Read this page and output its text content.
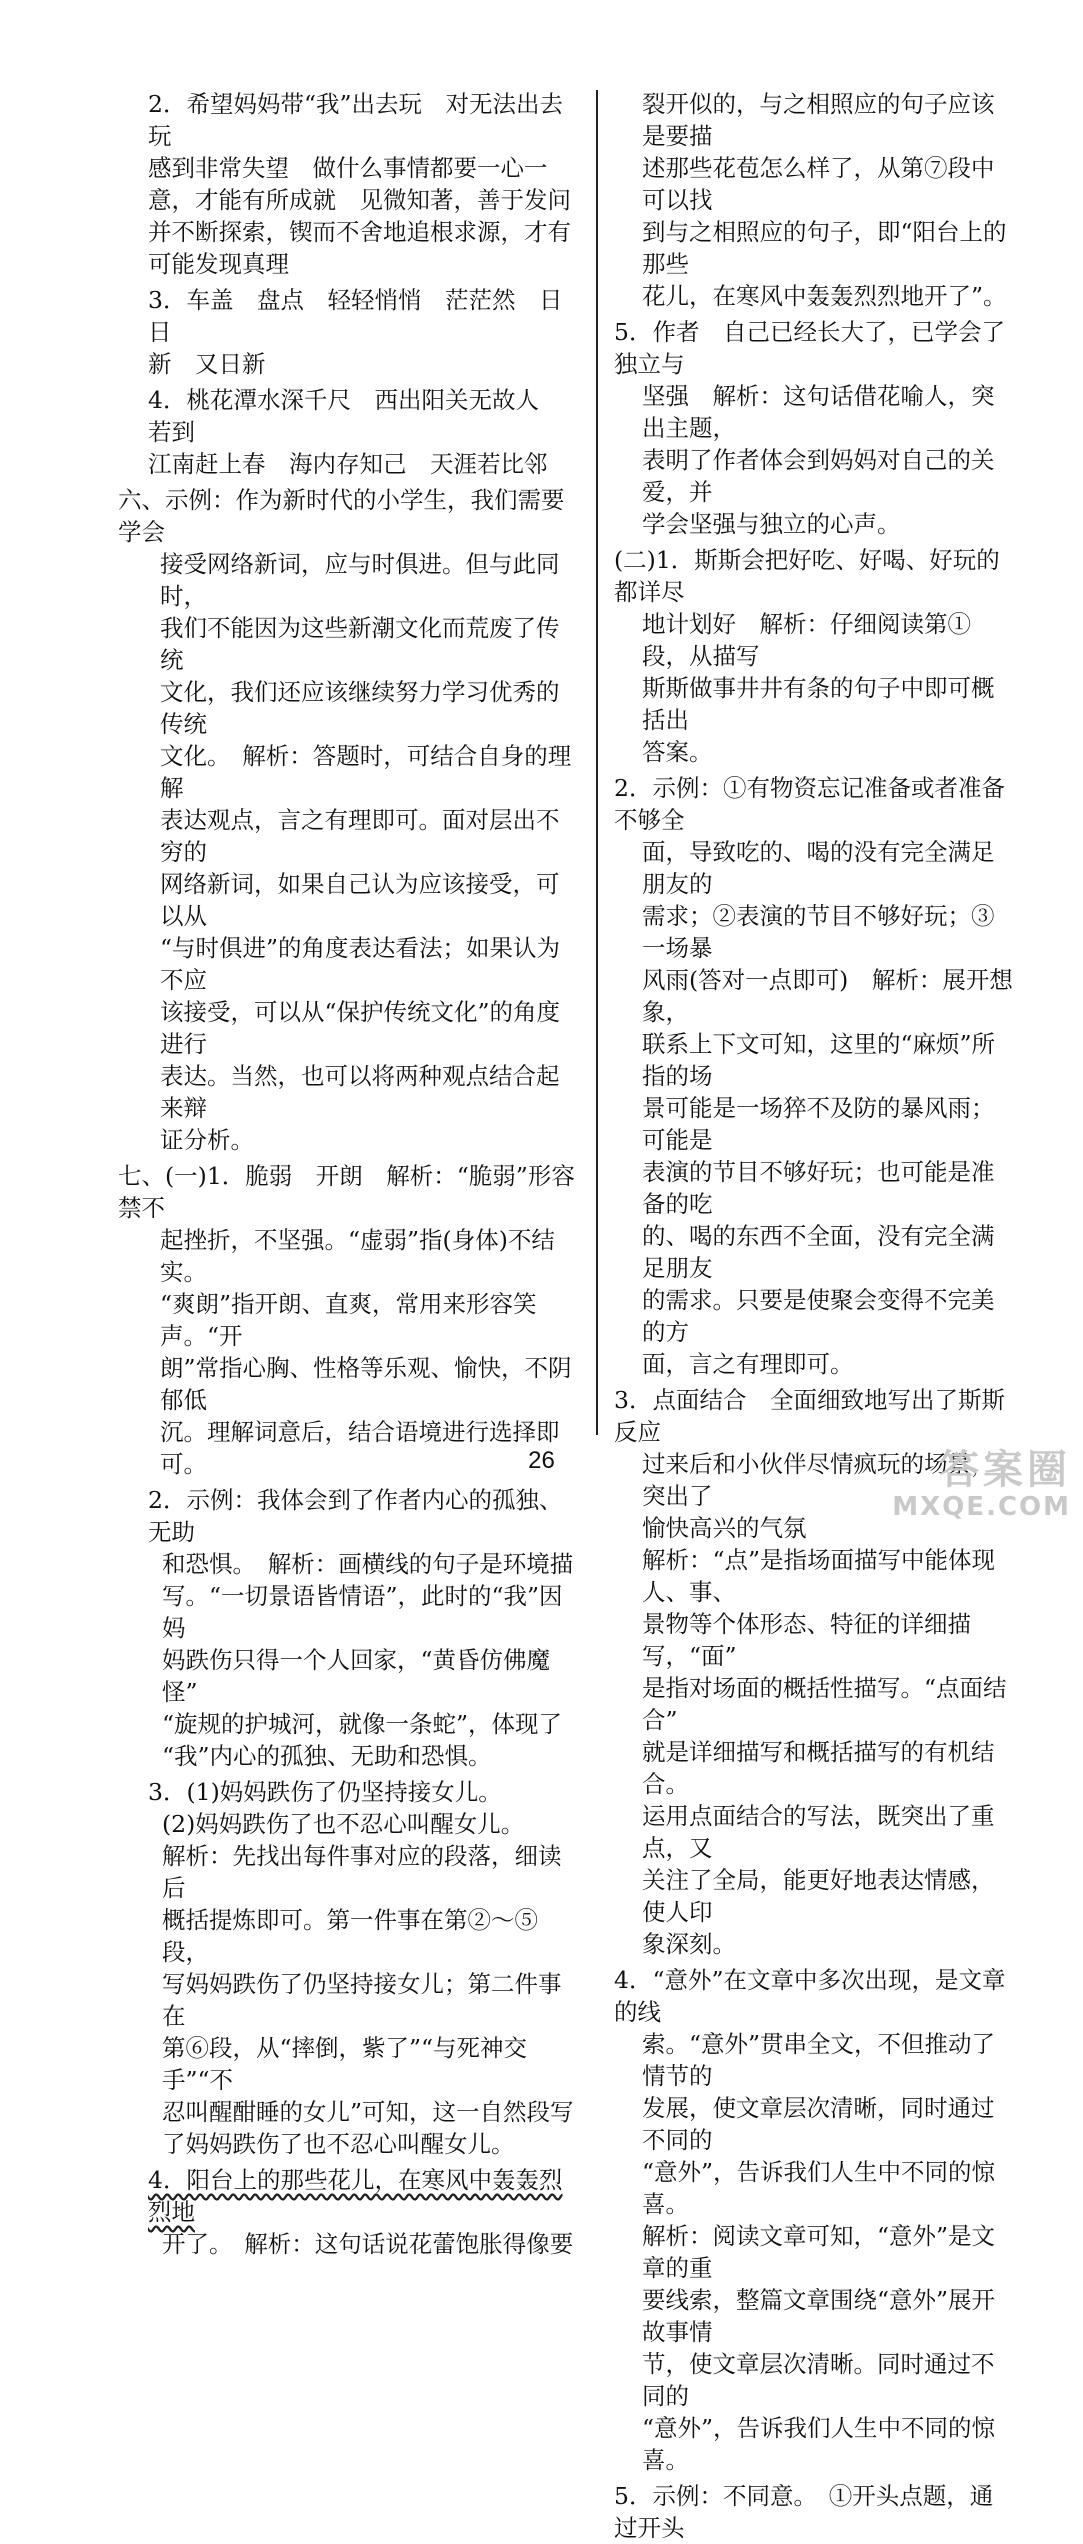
2．希望妈妈带“我”出去玩　对无法出去玩
感到非常失望　做什么事情都要一心一
意，才能有所成就　见微知著，善于发问
并不断探索，锲而不舍地追根求源，才有
可能发现真理
3．车盖　盘点　轻轻悄悄　茫茫然　日日
新　又日新
4．桃花潭水深千尺　西出阳关无故人　若到
江南赶上春　海内存知己　天涯若比邻
六、示例：作为新时代的小学生，我们需要学会
接受网络新词，应与时俱进。但与此同时，
我们不能因为这些新潮文化而荒废了传统
文化，我们还应该继续努力学习优秀的传统
文化。　解析：答题时，可结合自身的理解
表达观点，言之有理即可。面对层出不穷的
网络新词，如果自己认为应该接受，可以从
“与时俱进”的角度表达看法；如果认为不应
该接受，可以从“保护传统文化”的角度进行
表达。当然，也可以将两种观点结合起来辩
证分析。
七、(一)1．脆弱　开朗　解析：“脆弱”形容禁不
起挫折，不坚强。“虚弱”指(身体)不结实。
“爽朗”指开朗、直爽，常用来形容笑声。“开
朗”常指心胸、性格等乐观、愉快，不阴郁低
沉。理解词意后，结合语境进行选择即可。
2．示例：我体会到了作者内心的孤独、无助
和恐惧。　解析：画横线的句子是环境描
写。“一切景语皆情语”，此时的“我”因妈
妈跌伤只得一个人回家，“黄昏仿佛魔怪”
“旋规的护城河，就像一条蛇”，体现了
“我”内心的孤独、无助和恐惧。
3．(1)妈妈跌伤了仍坚持接女儿。
(2)妈妈跌伤了也不忍心叫醒女儿。
解析：先找出每件事对应的段落，细读后
概括提炼即可。第一件事在第②～⑤段，
写妈妈跌伤了仍坚持接女儿；第二件事在
第⑥段，从“摔倒，紫了”“与死神交手”“不
忍叫醒酣睡的女儿”可知，这一自然段写
了妈妈跌伤了也不忍心叫醒女儿。
4．阳台上的那些花儿，在寒风中轰轰烈烈地
开了。　解析：这句话说花蕾饱胀得像要
裂开似的，与之相照应的句子应该是要描
述那些花苞怎么样了，从第⑦段中可以找
到与之相照应的句子，即“阳台上的那些
花儿，在寒风中轰轰烈烈地开了”。
5．作者　自己已经长大了，已学会了独立与
坚强　解析：这句话借花喻人，突出主题，
表明了作者体会到妈妈对自己的关爱，并
学会坚强与独立的心声。
(二)1．斯斯会把好吃、好喝、好玩的都详尽
地计划好　解析：仔细阅读第①段，从描写
斯斯做事井井有条的句子中即可概括出
答案。
2．示例：①有物资忘记准备或者准备不够全
面，导致吃的、喝的没有完全满足朋友的
需求；②表演的节目不够好玩；③一场暴
风雨(答对一点即可)　解析：展开想象，
联系上下文可知，这里的“麻烦”所指的场
景可能是一场猝不及防的暴风雨；可能是
表演的节目不够好玩；也可能是准备的吃
的、喝的东西不全面，没有完全满足朋友
的需求。只要是使聚会变得不完美的方
面，言之有理即可。
3．点面结合　全面细致地写出了斯斯反应
过来后和小伙伴尽情疯玩的场景，突出了
愉快高兴的气氛
解析：“点”是指场面描写中能体现人、事、
景物等个体形态、特征的详细描写，“面”
是指对场面的概括性描写。“点面结合”
就是详细描写和概括描写的有机结合。
运用点面结合的写法，既突出了重点，又
关注了全局，能更好地表达情感，使人印
象深刻。
4．“意外”在文章中多次出现，是文章的线
索。“意外”贯串全文，不但推动了情节的
发展，使文章层次清晰，同时通过不同的
“意外”，告诉我们人生中不同的惊喜。
解析：阅读文章可知，“意外”是文章的重
要线索，整篇文章围绕“意外”展开故事情
节，使文章层次清晰。同时通过不同的
“意外”，告诉我们人生中不同的惊喜。
5．示例：不同意。　①开头点题，通过开头
26	答案圈
MXQE.COM
